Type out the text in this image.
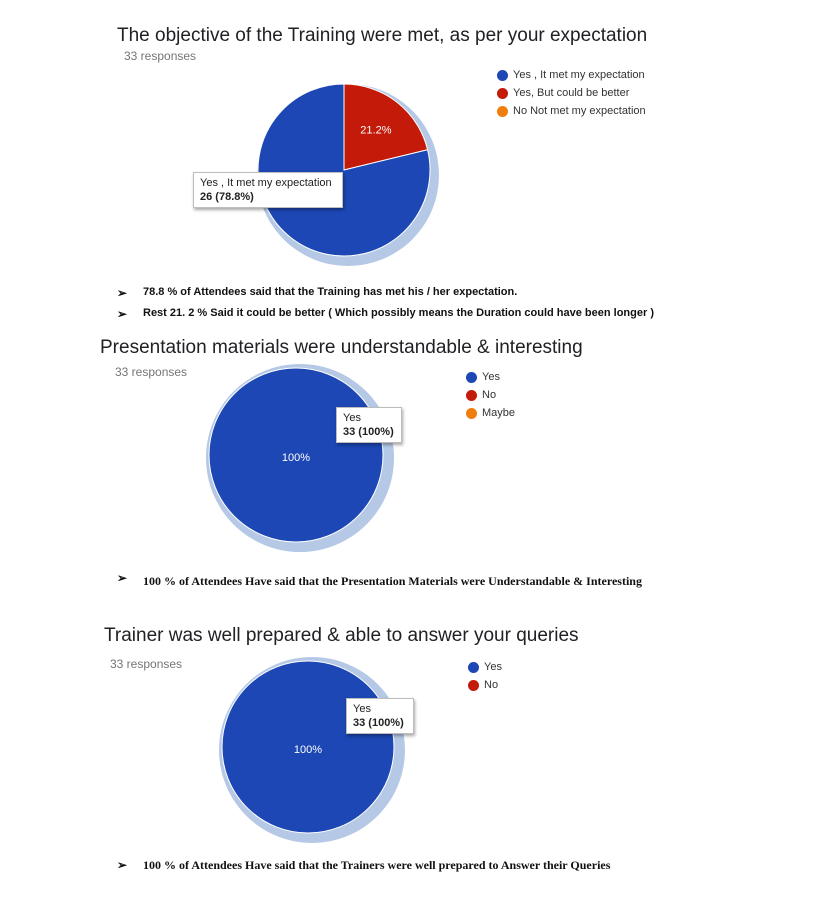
The objective of the Training were met, as per your expectation
33 responses
21.2%
Yes , It met my expectation
Yes, But could be better
No Not met my expectation
Yes , It met my expectation
26 (78.8%)
➢	78.8 % of Attendees said that the Training has met his / her expectation.
➢	Rest 21. 2 % Said it could be better ( Which possibly means the Duration could have been longer )
Presentation materials were understandable & interesting
33 responses
100%
Yes
No
Maybe
Yes
33 (100%)
➢	100 % of Attendees Have said that the Presentation Materials were Understandable & Interesting
Trainer was well prepared & able to answer your queries
33 responses
100%
Yes
No
Yes
33 (100%)
➢	100 % of Attendees Have said that the Trainers were well prepared to Answer their Queries
